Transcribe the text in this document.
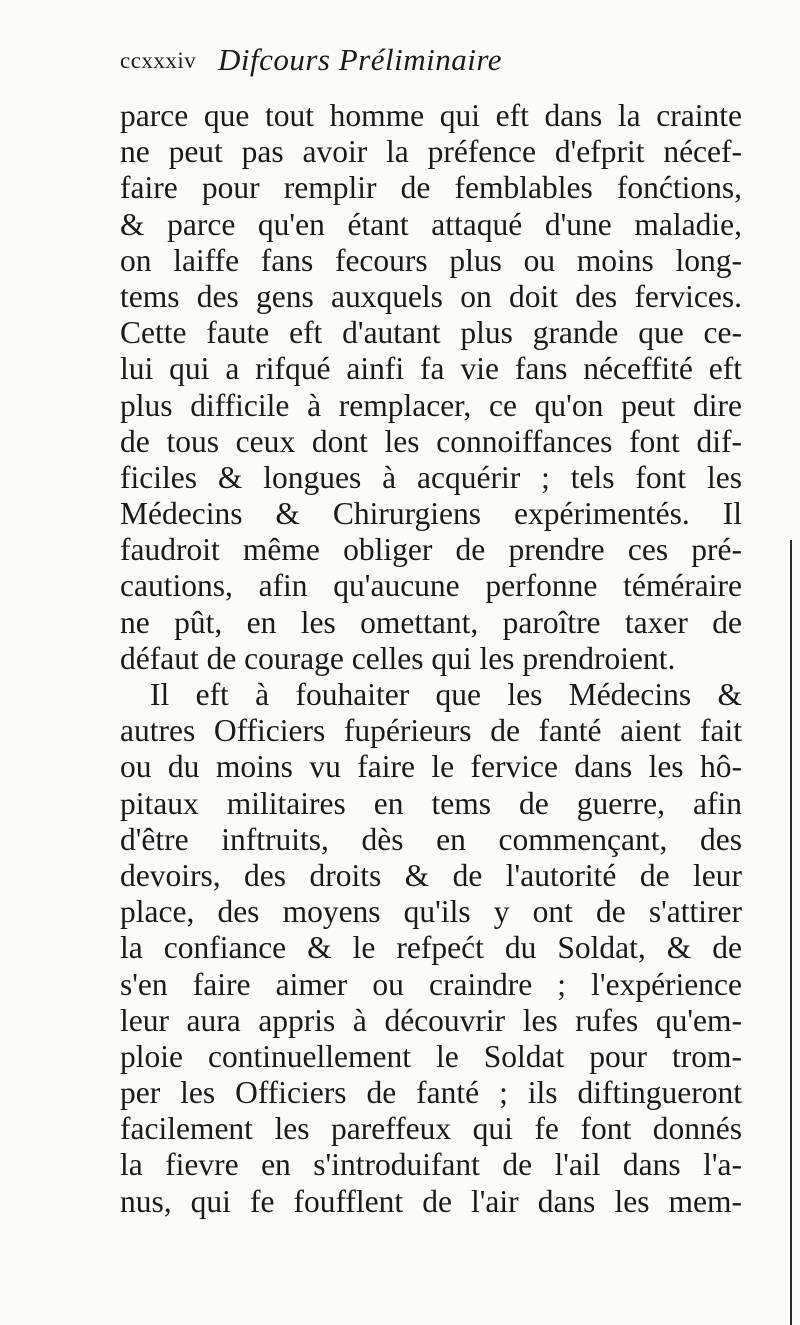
ccxxxiv Difcours Préliminaire
parce que tout homme qui eft dans la crainte
ne peut pas avoir la préfence d'efprit nécef-
faire pour remplir de femblables fonćtions,
& parce qu'en étant attaqué d'une maladie,
on laiffe fans fecours plus ou moins long-
tems des gens auxquels on doit des fervices.
Cette faute eft d'autant plus grande que ce-
lui qui a rifqué ainfi fa vie fans néceffité eft
plus difficile à remplacer, ce qu'on peut dire
de tous ceux dont les connoiffances font dif-
ficiles & longues à acquérir ; tels font les
Médecins & Chirurgiens expérimentés. Il
faudroit même obliger de prendre ces pré-
cautions, afin qu'aucune perfonne téméraire
ne pût, en les omettant, paroître taxer de
défaut de courage celles qui les prendroient.
Il eft à fouhaiter que les Médecins &
autres Officiers fupérieurs de fanté aient fait
ou du moins vu faire le fervice dans les hô-
pitaux militaires en tems de guerre, afin
d'être inftruits, dès en commençant, des
devoirs, des droits & de l'autorité de leur
place, des moyens qu'ils y ont de s'attirer
la confiance & le refpećt du Soldat, & de
s'en faire aimer ou craindre ; l'expérience
leur aura appris à découvrir les rufes qu'em-
ploie continuellement le Soldat pour trom-
per les Officiers de fanté ; ils diftingueront
facilement les pareffeux qui fe font donnés
la fievre en s'introduifant de l'ail dans l'a-
nus, qui fe foufflent de l'air dans les mem-
